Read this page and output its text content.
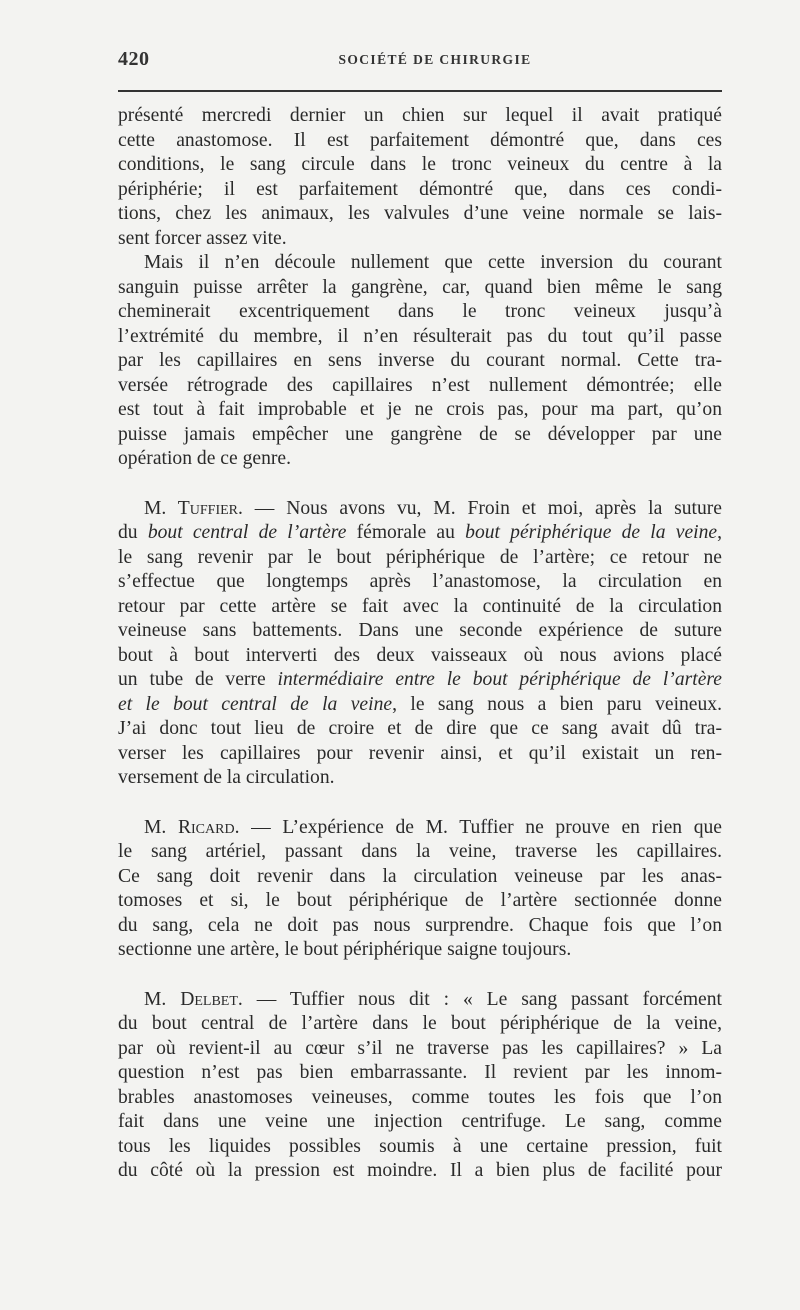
420	SOCIÉTÉ DE CHIRURGIE
présenté mercredi dernier un chien sur lequel il avait pratiqué
cette anastomose. Il est parfaitement démontré que, dans ces
conditions, le sang circule dans le tronc veineux du centre à la
périphérie; il est parfaitement démontré que, dans ces condi-
tions, chez les animaux, les valvules d’une veine normale se lais-
sent forcer assez vite.
Mais il n’en découle nullement que cette inversion du courant
sanguin puisse arrêter la gangrène, car, quand bien même le sang
cheminerait excentriquement dans le tronc veineux jusqu’à
l’extrémité du membre, il n’en résulterait pas du tout qu’il passe
par les capillaires en sens inverse du courant normal. Cette tra-
versée rétrograde des capillaires n’est nullement démontrée; elle
est tout à fait improbable et je ne crois pas, pour ma part, qu’on
puisse jamais empêcher une gangrène de se développer par une
opération de ce genre.
M. Tuffier. — Nous avons vu, M. Froin et moi, après la suture
du bout central de l’artère fémorale au bout périphérique de la veine,
le sang revenir par le bout périphérique de l’artère; ce retour ne
s’effectue que longtemps après l’anastomose, la circulation en
retour par cette artère se fait avec la continuité de la circulation
veineuse sans battements. Dans une seconde expérience de suture
bout à bout interverti des deux vaisseaux où nous avions placé
un tube de verre intermédiaire entre le bout périphérique de l’artère
et le bout central de la veine, le sang nous a bien paru veineux.
J’ai donc tout lieu de croire et de dire que ce sang avait dû tra-
verser les capillaires pour revenir ainsi, et qu’il existait un ren-
versement de la circulation.
M. Ricard. — L’expérience de M. Tuffier ne prouve en rien que
le sang artériel, passant dans la veine, traverse les capillaires.
Ce sang doit revenir dans la circulation veineuse par les anas-
tomoses et si, le bout périphérique de l’artère sectionnée donne
du sang, cela ne doit pas nous surprendre. Chaque fois que l’on
sectionne une artère, le bout périphérique saigne toujours.
M. Delbet. — Tuffier nous dit : « Le sang passant forcément
du bout central de l’artère dans le bout périphérique de la veine,
par où revient-il au cœur s’il ne traverse pas les capillaires? » La
question n’est pas bien embarrassante. Il revient par les innom-
brables anastomoses veineuses, comme toutes les fois que l’on
fait dans une veine une injection centrifuge. Le sang, comme
tous les liquides possibles soumis à une certaine pression, fuit
du côté où la pression est moindre. Il a bien plus de facilité pour
